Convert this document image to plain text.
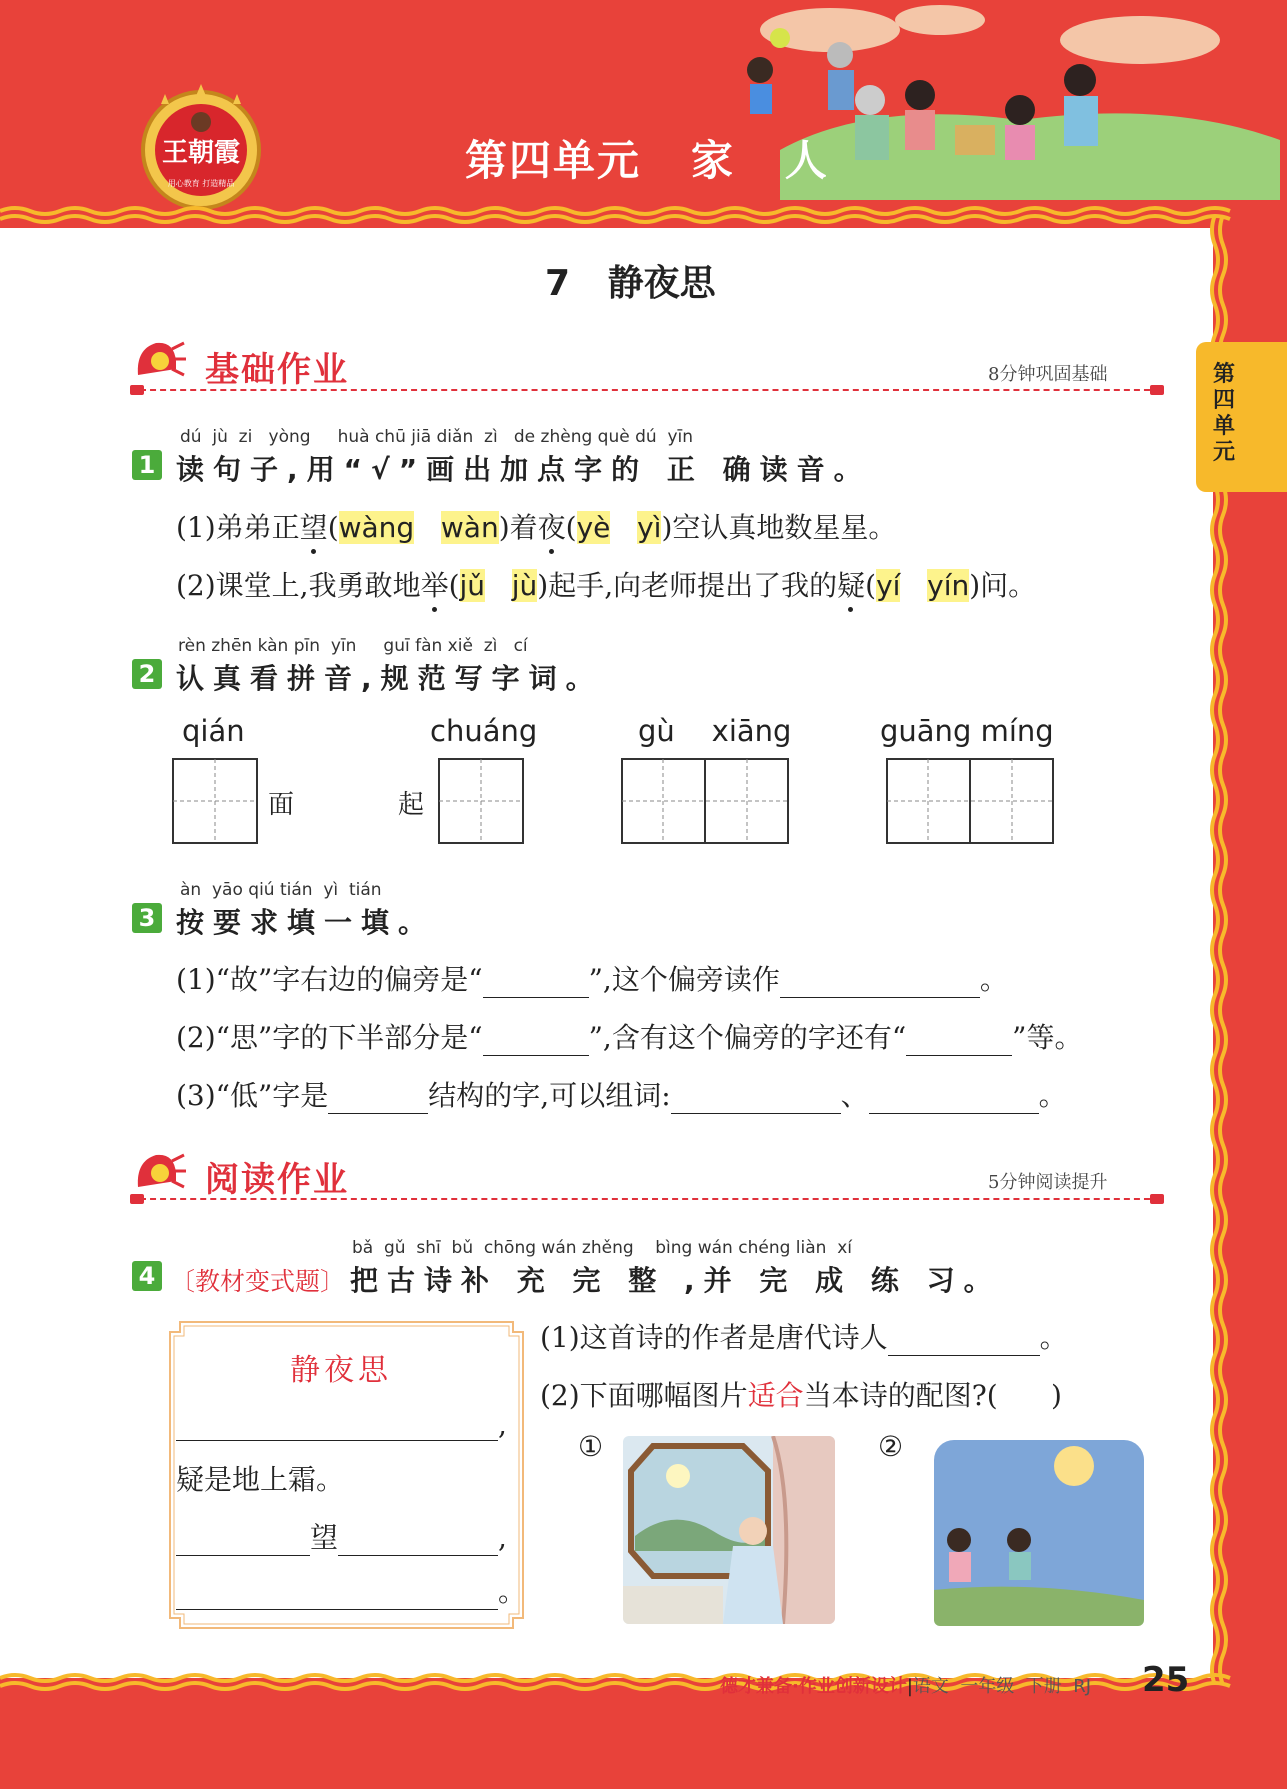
王朝霞
用心教育 打造精品	第四单元   家   人
第四单元
7   静夜思
基础作业	8分钟巩固基础
dú  jù  zi   yòng     huà chū jiā diǎn  zì   de zhèng què dú  yīn
1 读句子,用“√”画出加点字的 正 确读音。
(1)弟弟正望
(wàng wàn)着夜
(yè yì)空认真地数星星。
(2)课堂上,我勇敢地举
(jǔ jù)起手,向老师提出了我的疑
(yí yín)问。
rèn zhēn kàn pīn  yīn     guī fàn xiě  zì   cí
2 认真看拼音,规范写字词。
qián	chuáng	gù    xiāng	guāng míng
面	起
àn  yāo qiú tián  yì  tián
3 按要求填一填。
(1)“故”字右边的偏旁是“	”,这个偏旁读作	。
(2)“思”字的下半部分是“	”,含有这个偏旁的字还有“	”等。
(3)“低”字是	结构的字,可以组词:	、	。
阅读作业	5分钟阅读提升
bǎ  gǔ  shī  bǔ  chōng wán zhěng    bìng wán chéng liàn  xí
4 〔教材变式题〕 把古诗补 充 完 整 ,并 完 成 练 习。
静夜思
,
疑是地上霜。
望	,
。
(1)这首诗的作者是唐代诗人	。
(2)下面哪幅图片适合当本诗的配图?(      )
①	②
德才兼备·作业创新设计|语文  一年级  下册  RJ 25
